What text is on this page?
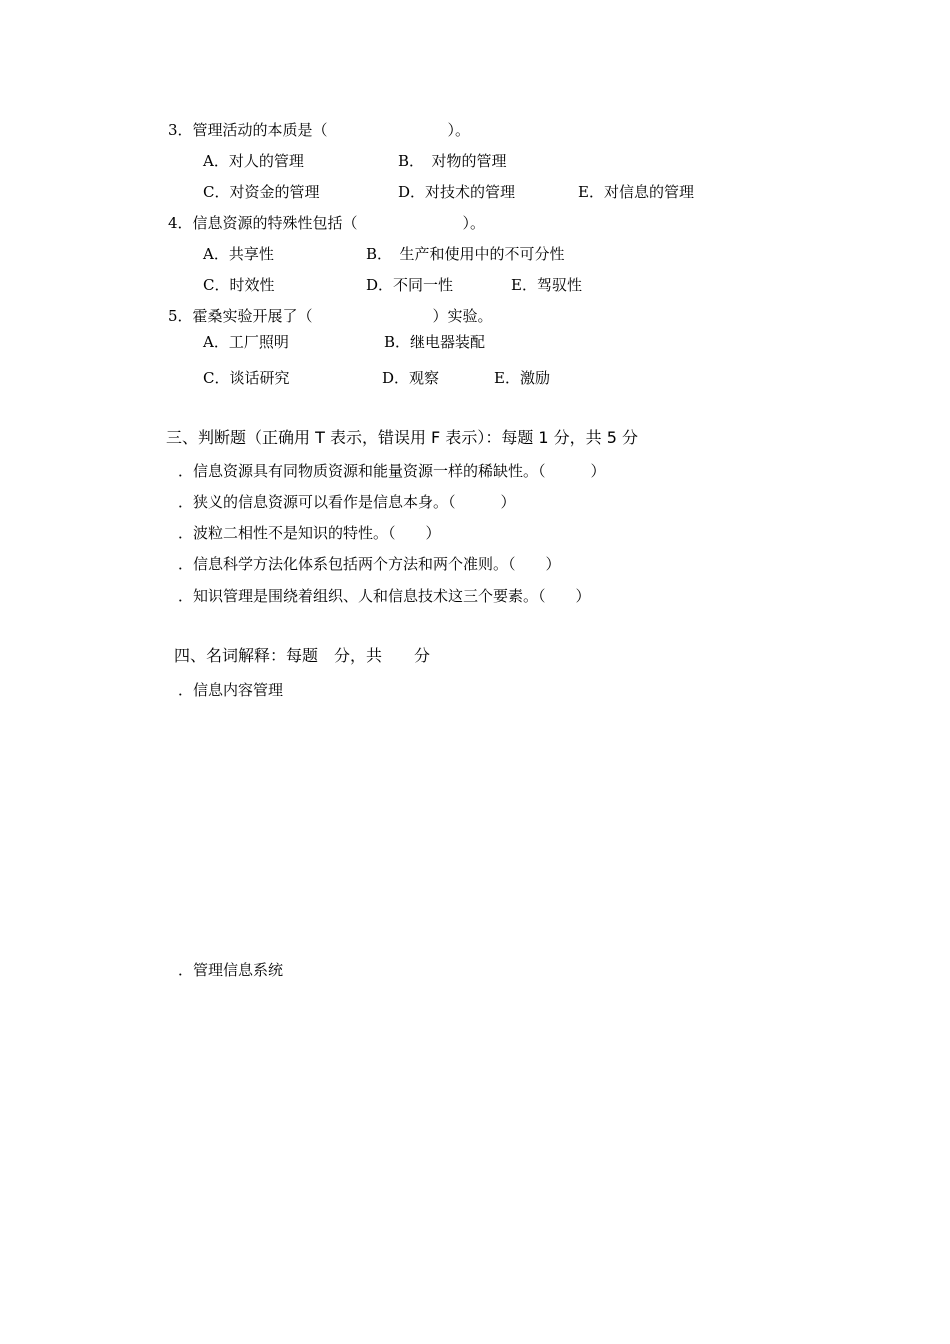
3．管理活动的本质是（　　　　　　　　）。
A．对人的管理	B．　对物的管理
C．对资金的管理	D．对技术的管理	E．对信息的管理
4．信息资源的特殊性包括（　　　　　　　）。
A．共享性	B．　生产和使用中的不可分性
C．时效性	D．不同一性	E．驾驭性
5．霍桑实验开展了（　　　　　　　　）实验。
A．工厂照明	B．继电器装配
C．谈话研究	D．观察	E．激励
三、判断题（正确用 T 表示，错误用 F 表示）：每题 1 分，共 5 分
．信息资源具有同物质资源和能量资源一样的稀缺性。（　　　）
．狭义的信息资源可以看作是信息本身。（　　　）
．波粒二相性不是知识的特性。（　　）
．信息科学方法化体系包括两个方法和两个准则。（　　）
．知识管理是围绕着组织、人和信息技术这三个要素。（　　）
四、名词解释：每题　分，共　　分
．信息内容管理
．管理信息系统
